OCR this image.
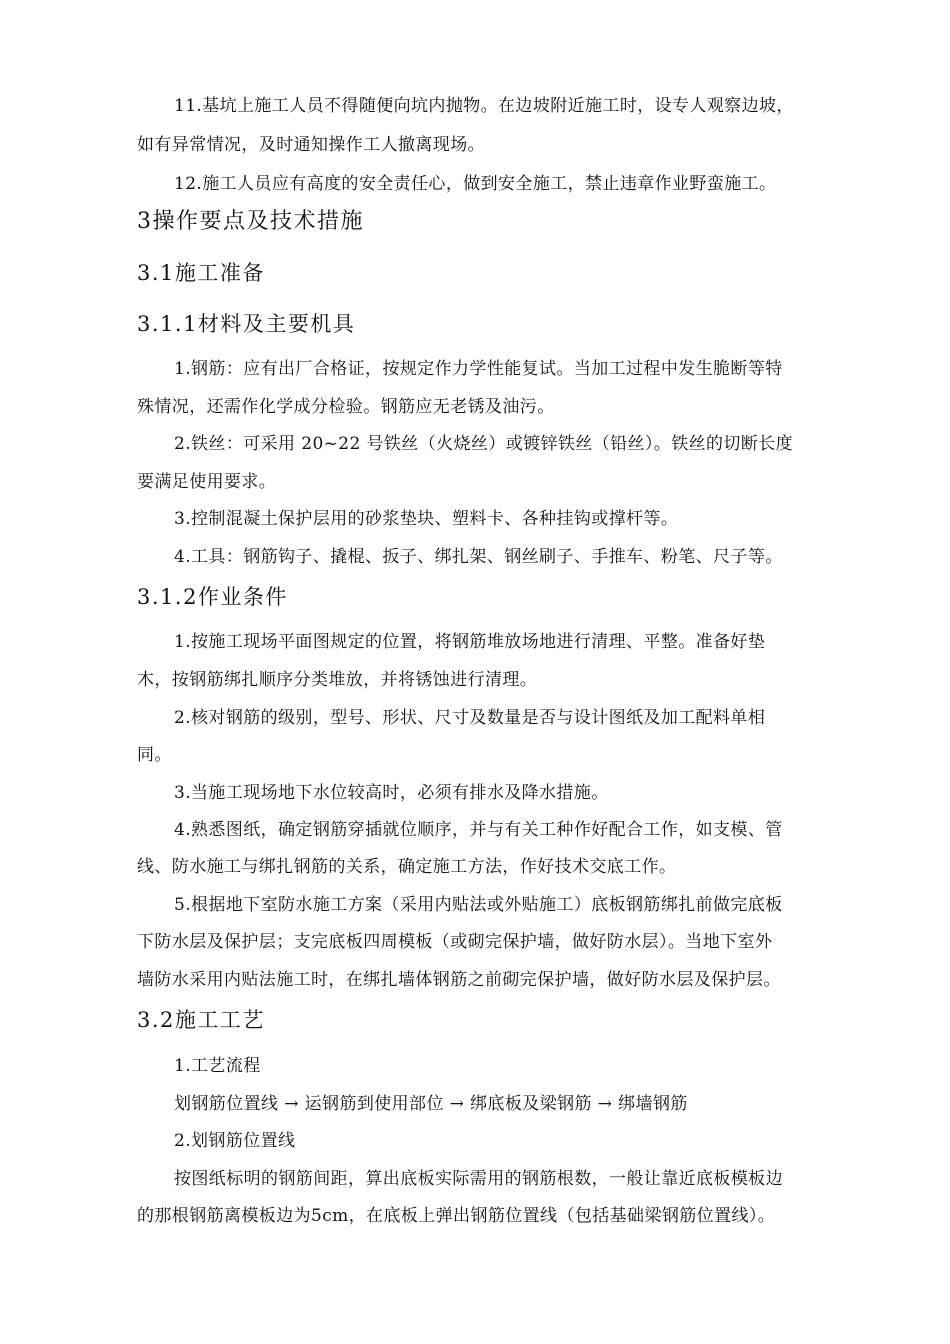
11.基坑上施工人员不得随便向坑内抛物。在边坡附近施工时，设专人观察边坡，
如有异常情况，及时通知操作工人撤离现场。
12.施工人员应有高度的安全责任心，做到安全施工，禁止违章作业野蛮施工。
3操作要点及技术措施
3.1施工准备
3.1.1材料及主要机具
1.钢筋：应有出厂合格证，按规定作力学性能复试。当加工过程中发生脆断等特
殊情况，还需作化学成分检验。钢筋应无老锈及油污。
2.铁丝：可采用 20~22 号铁丝（火烧丝）或镀锌铁丝（铅丝）。铁丝的切断长度
要满足使用要求。
3.控制混凝土保护层用的砂浆垫块、塑料卡、各种挂钩或撑杆等。
4.工具：钢筋钩子、撬棍、扳子、绑扎架、钢丝刷子、手推车、粉笔、尺子等。
3.1.2作业条件
1.按施工现场平面图规定的位置，将钢筋堆放场地进行清理、平整。准备好垫
木，按钢筋绑扎顺序分类堆放，并将锈蚀进行清理。
2.核对钢筋的级别，型号、形状、尺寸及数量是否与设计图纸及加工配料单相
同。
3.当施工现场地下水位较高时，必须有排水及降水措施。
4.熟悉图纸，确定钢筋穿插就位顺序，并与有关工种作好配合工作，如支模、管
线、防水施工与绑扎钢筋的关系，确定施工方法，作好技术交底工作。
5.根据地下室防水施工方案（采用内贴法或外贴施工）底板钢筋绑扎前做完底板
下防水层及保护层；支完底板四周模板（或砌完保护墙，做好防水层）。当地下室外
墙防水采用内贴法施工时，在绑扎墙体钢筋之前砌完保护墙，做好防水层及保护层。
3.2施工工艺
1.工艺流程
划钢筋位置线 → 运钢筋到使用部位 → 绑底板及梁钢筋 → 绑墙钢筋
2.划钢筋位置线
按图纸标明的钢筋间距，算出底板实际需用的钢筋根数，一般让靠近底板模板边
的那根钢筋离模板边为5cm，在底板上弹出钢筋位置线（包括基础梁钢筋位置线）。
